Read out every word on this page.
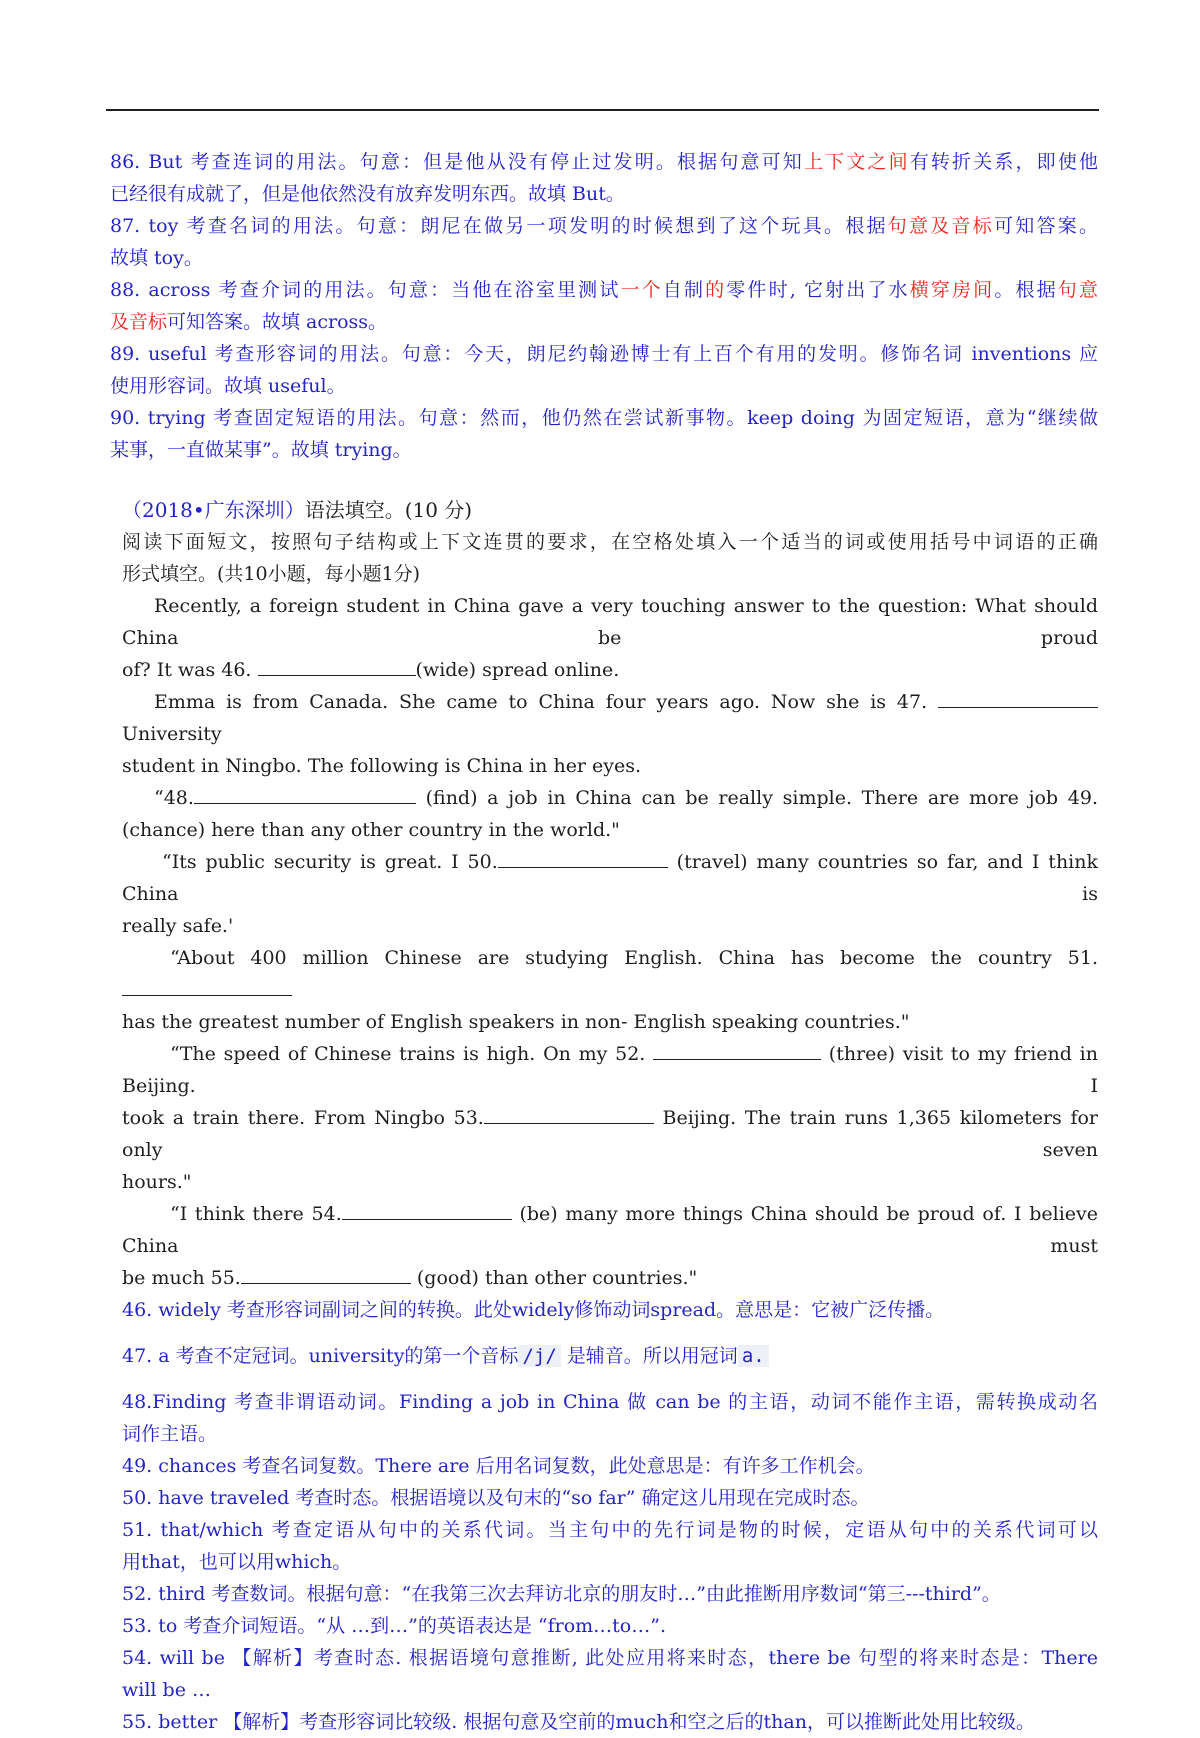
86. But 考查连词的用法。句意：但是他从没有停止过发明。根据句意可知上下文之间有转折关系，即使他

已经很有成就了，但是他依然没有放弃发明东西。故填 But。

87. toy 考查名词的用法。句意：朗尼在做另一项发明的时候想到了这个玩具。根据句意及音标可知答案。

故填 toy。

88. across 考查介词的用法。句意：当他在浴室里测试一个自制的零件时, 它射出了水横穿房间。根据句意

及音标可知答案。故填 across。

89. useful 考查形容词的用法。句意：今天，朗尼约翰逊博士有上百个有用的发明。修饰名词 inventions 应

使用形容词。故填 useful。

90. trying 考查固定短语的用法。句意：然而，他仍然在尝试新事物。keep doing 为固定短语，意为“继续做

某事，一直做某事”。故填 trying。

（2018•广东深圳）语法填空。(10 分)

阅读下面短文，按照句子结构或上下文连贯的要求，在空格处填入一个适当的词或使用括号中词语的正确

形式填空。(共10小题，每小题1分)

Recently, a foreign student in China gave a very touching answer to the question: What should China be proud

of? It was 46.	(wide) spread online.

Emma is from Canada. She came to China four years ago. Now she is 47. University

student in Ningbo. The following is China in her eyes.

“48.	(find) a job in China can be really simple. There are more job 49.

(chance) here than any other country in the world."

“Its public security is great. I 50.	(travel) many countries so far, and I think China is

really safe.'

“About 400 million Chinese are studying English. China has become the country 51.

has the greatest number of English speakers in non- English speaking countries."

“The speed of Chinese trains is high. On my 52.	(three) visit to my friend in Beijing. I

took a train there. From Ningbo 53.	Beijing. The train runs 1,365 kilometers for only seven

hours."

“I think there 54.	(be) many more things China should be proud of. I believe China must

be much 55.	(good) than other countries."

46. widely 考查形容词副词之间的转换。此处widely修饰动词spread。意思是：它被广泛传播。

47. a 考查不定冠词。university的第一个音标 /j/ 是辅音。所以用冠词 a.

48.Finding 考查非谓语动词。Finding a job in China 做 can be 的主语，动词不能作主语，需转换成动名

词作主语。

49. chances 考查名词复数。There are 后用名词复数，此处意思是：有许多工作机会。

50. have traveled 考查时态。根据语境以及句末的“so far” 确定这儿用现在完成时态。

51. that/which 考查定语从句中的关系代词。当主句中的先行词是物的时候，定语从句中的关系代词可以

用that，也可以用which。

52. third 考查数词。根据句意：“在我第三次去拜访北京的朋友时…”由此推断用序数词“第三---third”。

53. to 考查介词短语。“从 …到…”的英语表达是 “from…to…”.

54. will be 【解析】考查时态. 根据语境句意推断, 此处应用将来时态，there be 句型的将来时态是：There

will be …

55. better 【解析】考查形容词比较级. 根据句意及空前的much和空之后的than，可以推断此处用比较级。
